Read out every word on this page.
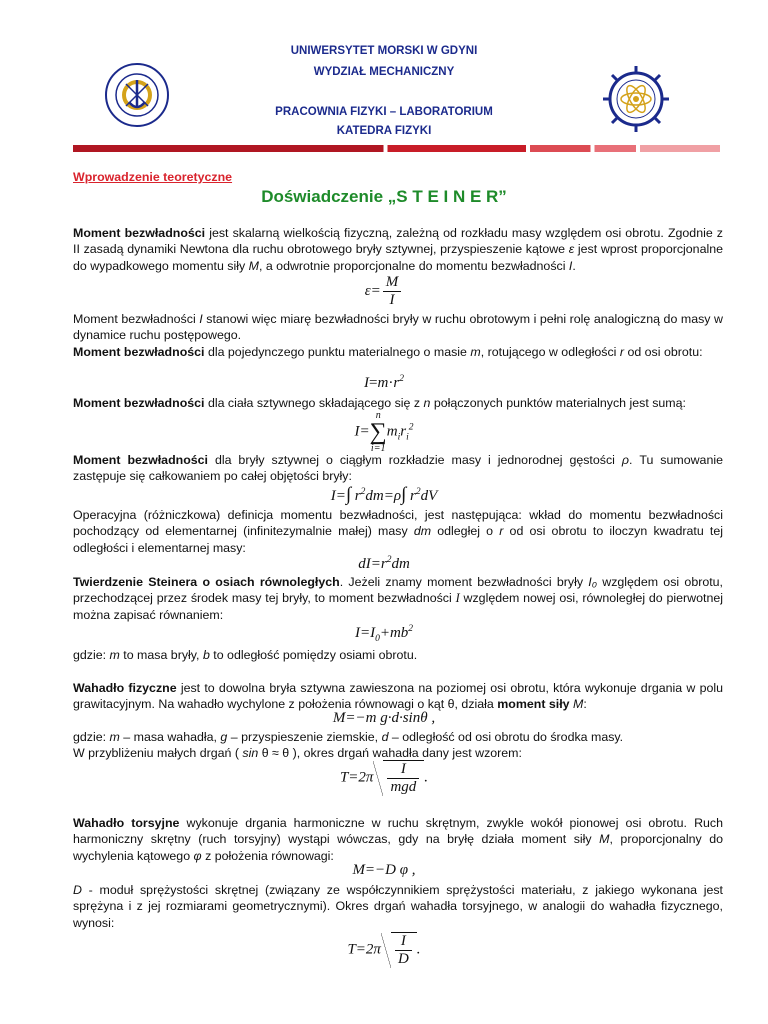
UNIWERSYTET MORSKI W GDYNI
WYDZIAŁ MECHANICZNY
PRACOWNIA FIZYKI – LABORATORIUM
KATEDRA FIZYKI
Wprowadzenie teoretyczne
Doświadczenie „S T E I N E R”
Moment bezwładności jest skalarną wielkością fizyczną, zależną od rozkładu masy względem osi obrotu. Zgodnie z II zasadą dynamiki Newtona dla ruchu obrotowego bryły sztywnej, przyspieszenie kątowe ε jest wprost proporcjonalne do wypadkowego momentu siły M, a odwrotnie proporcjonalne do momentu bezwładności I.
$\varepsilon= \frac{M}{I}$
Moment bezwładności I stanowi więc miarę bezwładności bryły w ruchu obrotowym i pełni rolę analogiczną do masy w dynamice ruchu postępowego.
Moment bezwładności dla pojedynczego punktu materialnego o masie m, rotującego w odległości r od osi obrotu:
$I=m\cdot r^2$
Moment bezwładności dla ciała sztywnego składającego się z n połączonych punktów materialnych jest sumą:
I=n
∑
$i=1m_ir_i^2$
Moment bezwładności dla bryły sztywnej o ciągłym rozkładzie masy i jednorodnej gęstości ρ. Tu sumowanie zastępuje się całkowaniem po całej objętości bryły:
I=∫ $r^2dm=\rho\int$ $r^2dV$
Operacyjna (różniczkowa) definicja momentu bezwładności, jest następująca: wkład do momentu bezwładności pochodzący od elementarnej (infinitezymalnie małej) masy dm odległej o r od osi obrotu to iloczyn kwadratu tej odległości i elementarnej masy:
$dI=r^2dm$
Twierdzenie Steinera o osiach równoległych. Jeżeli znamy moment bezwładności bryły I₀ względem osi obrotu, przechodzącej przez środek masy tej bryły, to moment bezwładności I względem nowej osi, równoległej do pierwotnej można zapisać równaniem:
$I=I_0+mb^2$
gdzie: m to masa bryły, b to odległość pomiędzy osiami obrotu.
Wahadło fizyczne jest to dowolna bryła sztywna zawieszona na poziomej osi obrotu, która wykonuje drgania w polu grawitacyjnym. Na wahadło wychylone z położenia równowagi o kąt θ, działa moment siły M:
M=−m g·d·sinθ ,
gdzie: m – masa wahadła, g – przyspieszenie ziemskie, d – odległość od osi obrotu do środka masy.
W przybliżeniu małych drgań ( sin θ ≈ θ ), okres drgań wahadła dany jest wzorem:
$T=2\pi \frac{I}{\text{mgd}}$ .
Wahadło torsyjne wykonuje drgania harmoniczne w ruchu skrętnym, zwykle wokół pionowej osi obrotu. Ruch harmoniczny skrętny (ruch torsyjny) wystąpi wówczas, gdy na bryłę działa moment siły M, proporcjonalny do wychylenia kątowego φ z położenia równowagi:
M=−D φ ,
D - moduł sprężystości skrętnej (związany ze współczynnikiem sprężystości materiału, z jakiego wykonana jest sprężyna i z jej rozmiarami geometrycznymi). Okres drgań wahadła torsyjnego, w analogii do wahadła fizycznego, wynosi:
$T=2\pi \frac{I}{D}$ .
